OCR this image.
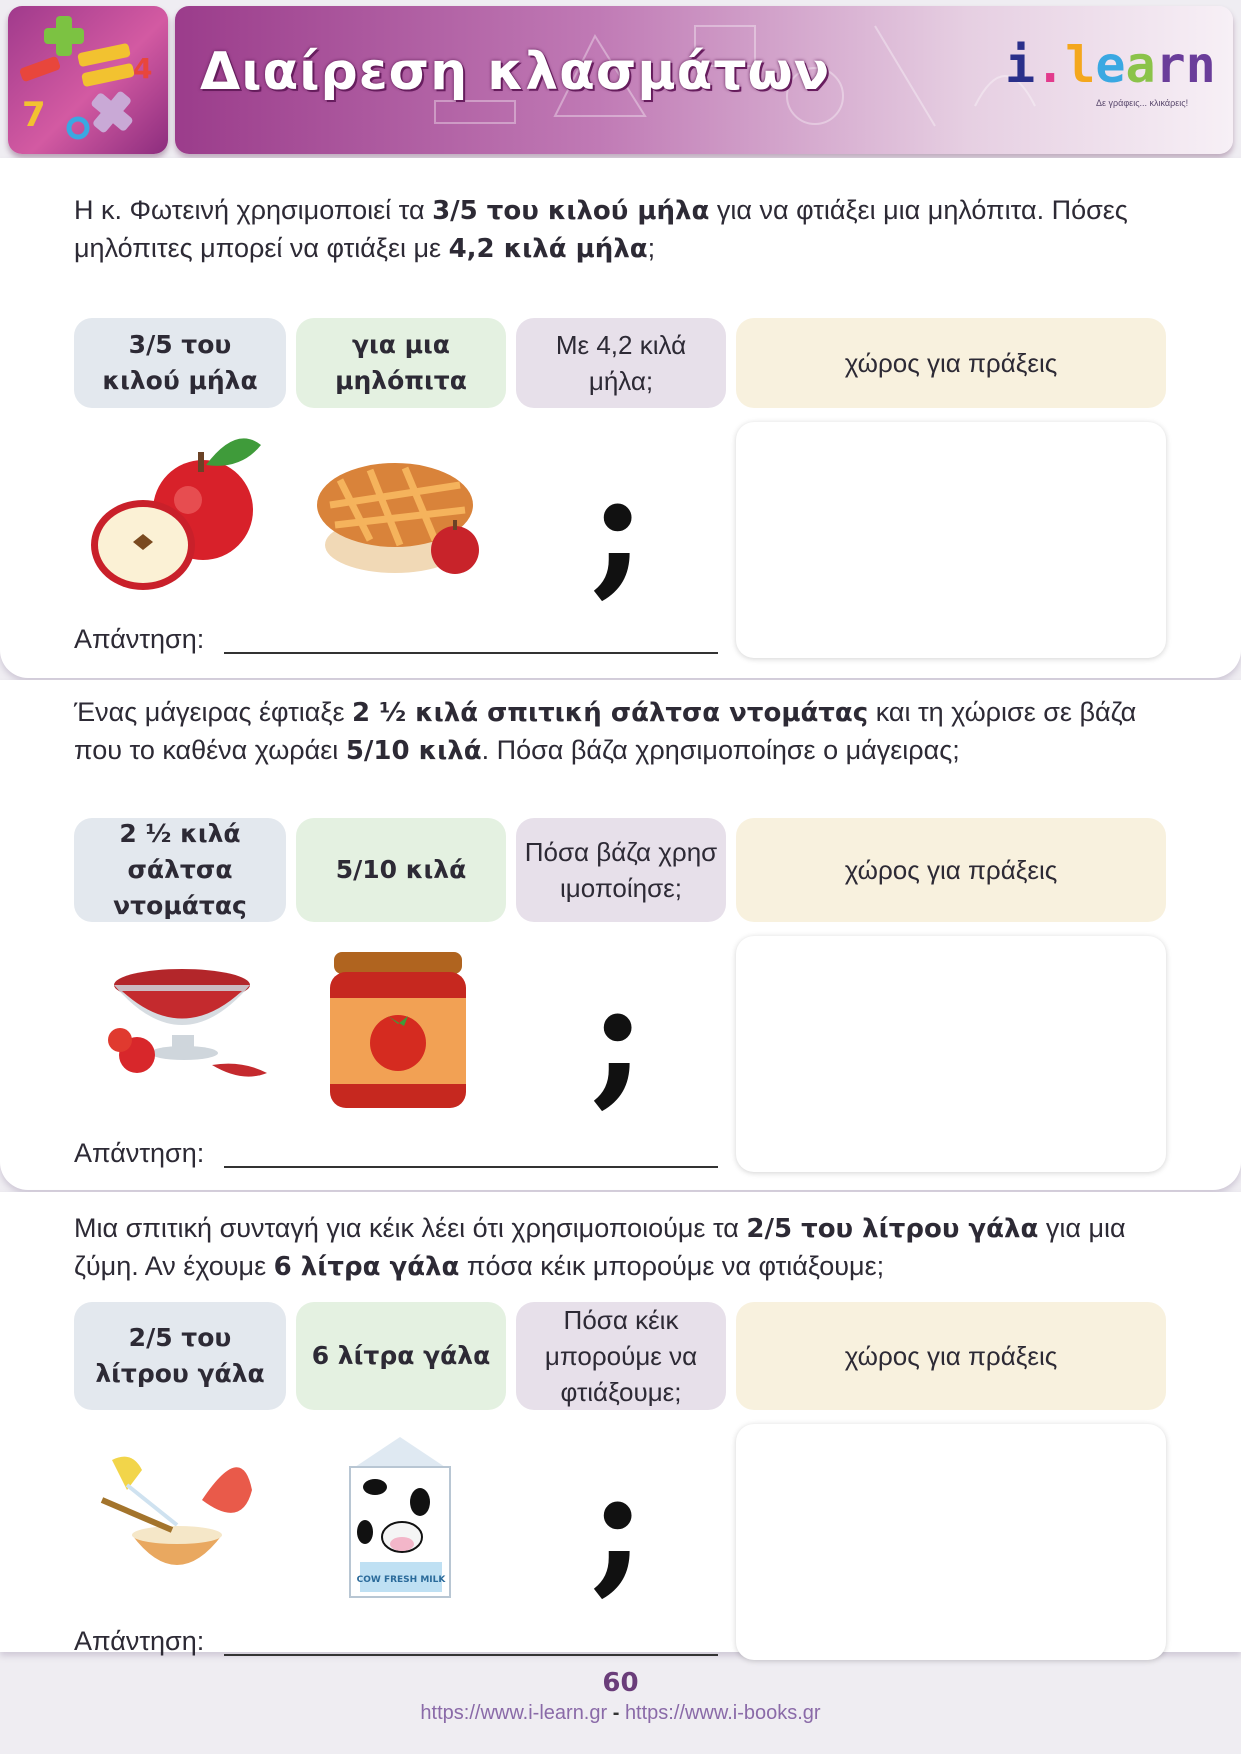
7
4 Διαίρεση κλασμάτων	i.learn
Δε γράφεις... κλικάρεις!
Η κ. Φωτεινή χρησιμοποιεί τα 3/5 του κιλού μήλα για να φτιάξει μια μηλόπιτα. Πόσες μηλόπιτες μπορεί να φτιάξει με 4,2 κιλά μήλα;
3/5 του κιλού μήλα
για μια μηλόπιτα
Με 4,2 κιλά μήλα;
χώρος για πράξεις
;
Απάντηση:
Ένας μάγειρας έφτιαξε 2 ½ κιλά σπιτική σάλτσα ντομάτας και τη χώρισε σε βάζα που το καθένα χωράει 5/10 κιλά. Πόσα βάζα χρησιμοποίησε ο μάγειρας;
2 ½ κιλά σάλτσα ντομάτας
5/10 κιλά
Πόσα βάζα χρησιμοποίησε;
χώρος για πράξεις
;
Απάντηση:
Μια σπιτική συνταγή για κέικ λέει ότι χρησιμοποιούμε τα 2/5 του λίτρου γάλα για μια ζύμη. Αν έχουμε 6 λίτρα γάλα πόσα κέικ μπορούμε να φτιάξουμε;
2/5 του λίτρου γάλα
6 λίτρα γάλα
Πόσα κέικ μπορούμε να φτιάξουμε;
χώρος για πράξεις
COW FRESH MILK ;
Απάντηση:
60
https://www.i-learn.gr - https://www.i-books.gr
